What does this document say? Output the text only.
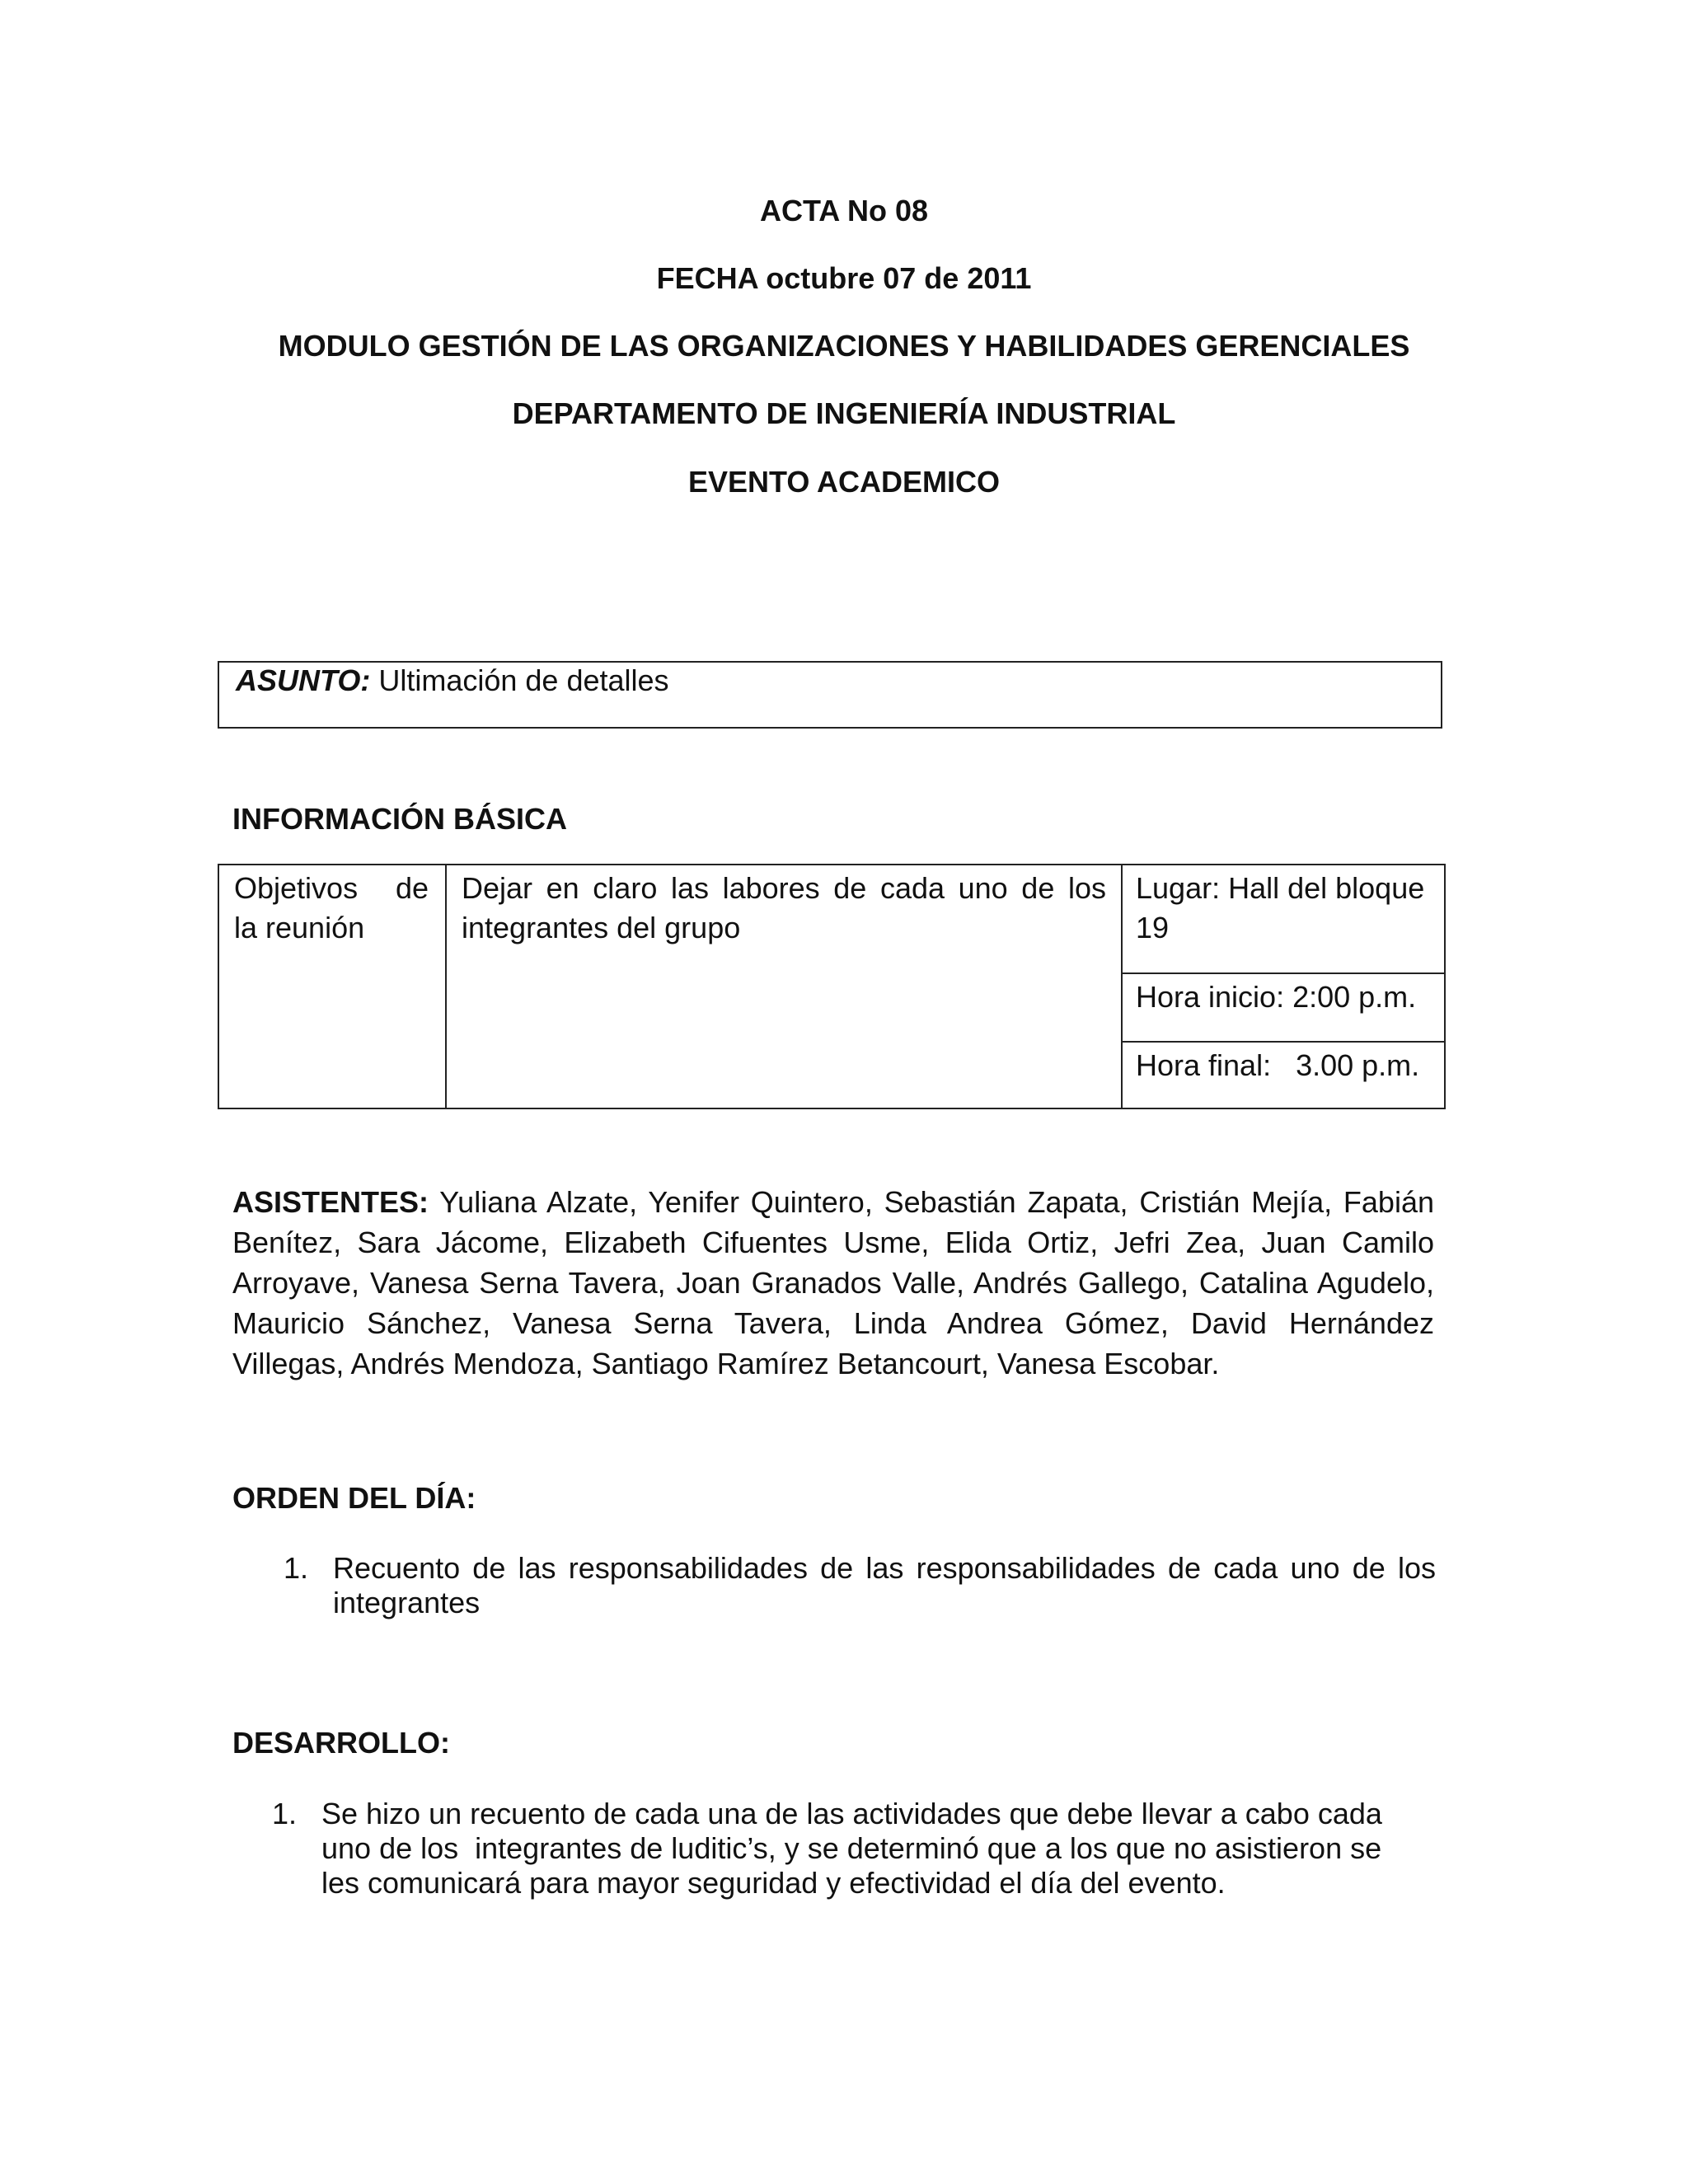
ACTA No 08
FECHA octubre 07 de 2011
MODULO GESTIÓN DE LAS ORGANIZACIONES Y HABILIDADES GERENCIALES
DEPARTAMENTO DE INGENIERÍA INDUSTRIAL
EVENTO ACADEMICO
ASUNTO: Ultimación de detalles
INFORMACIÓN BÁSICA
Objetivos de
la reunión
Dejar en claro las labores de cada uno de los
integrantes del grupo
Lugar: Hall del bloque
19
Hora inicio: 2:00 p.m.
Hora final:   3.00 p.m.
ASISTENTES: Yuliana Alzate, Yenifer Quintero, Sebastián Zapata, Cristián Mejía, Fabián
Benítez, Sara Jácome, Elizabeth Cifuentes Usme, Elida Ortiz, Jefri Zea, Juan Camilo
Arroyave, Vanesa Serna Tavera, Joan Granados Valle, Andrés Gallego, Catalina Agudelo,
Mauricio Sánchez, Vanesa Serna Tavera, Linda Andrea Gómez, David Hernández
Villegas, Andrés Mendoza, Santiago Ramírez Betancourt, Vanesa Escobar.
ORDEN DEL DÍA:
1. Recuento de las responsabilidades de las responsabilidades de cada uno de los
integrantes
DESARROLLO:
1. Se hizo un recuento de cada una de las actividades que debe llevar a cabo cada
uno de los  integrantes de luditic’s, y se determinó que a los que no asistieron se
les comunicará para mayor seguridad y efectividad el día del evento.
